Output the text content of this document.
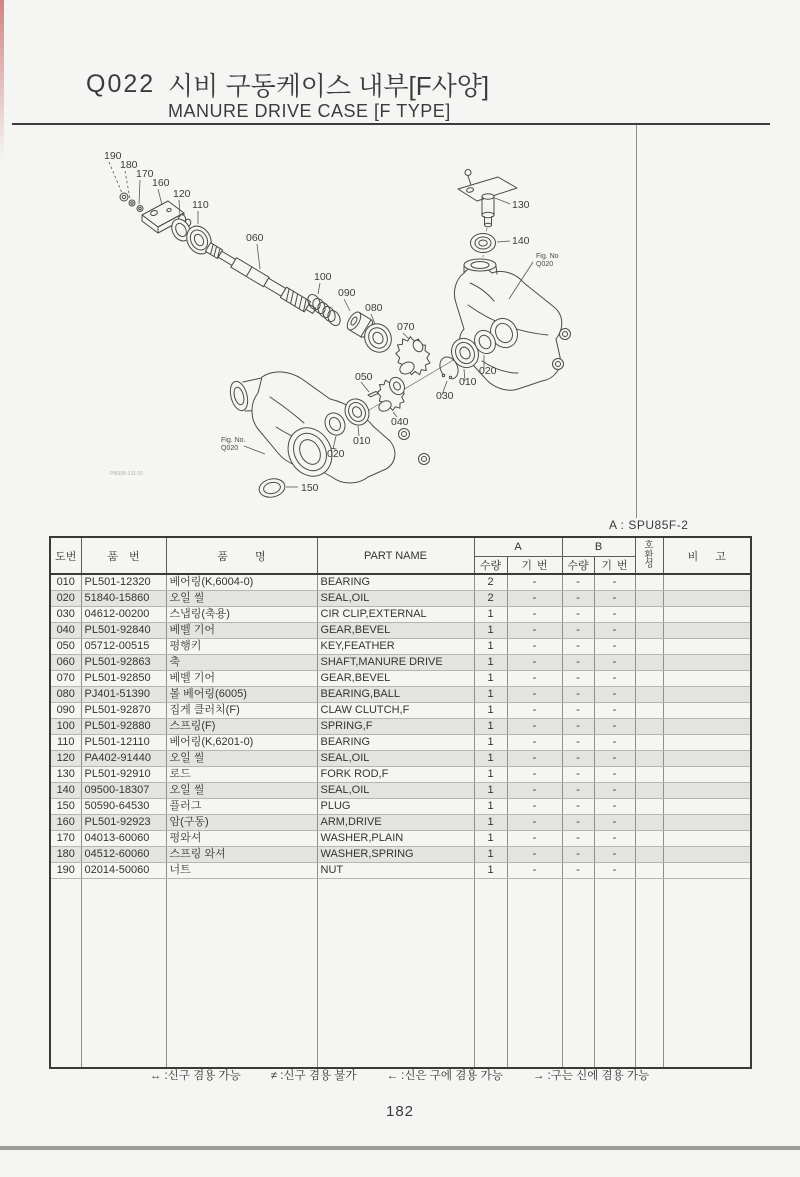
Q022 시비 구동케이스 내부[F사양]
MANURE DRIVE CASE [F TYPE]
190
180
170
160
120
110
060
100
090
080
070
130
140
020
010
030
050
040
010
020
150
Fig. No
Q020
Fig. No.
Q020
PM308-131-10
A : SPU85F-2
도번	품 번	품 명	PART NAME	A		B		호환성	비 고
				수량	기 번	수량	기 번		
010	PL501-12320	베어링(K,6004-0)	BEARING	2	-	-	-		
020	51840-15860	오일 씰	SEAL,OIL	2	-	-	-		
030	04612-00200	스냅링(축용)	CIR CLIP,EXTERNAL	1	-	-	-		
040	PL501-92840	베벨 기어	GEAR,BEVEL	1	-	-	-		
050	05712-00515	평행키	KEY,FEATHER	1	-	-	-		
060	PL501-92863	축	SHAFT,MANURE DRIVE	1	-	-	-		
070	PL501-92850	베벨 기어	GEAR,BEVEL	1	-	-	-		
080	PJ401-51390	볼 베어링(6005)	BEARING,BALL	1	-	-	-		
090	PL501-92870	집게 클러치(F)	CLAW CLUTCH,F	1	-	-	-		
100	PL501-92880	스프링(F)	SPRING,F	1	-	-	-		
110	PL501-12110	베어링(K,6201-0)	BEARING	1	-	-	-		
120	PA402-91440	오일 씰	SEAL,OIL	1	-	-	-		
130	PL501-92910	로드	FORK ROD,F	1	-	-	-		
140	09500-18307	오일 씰	SEAL,OIL	1	-	-	-		
150	50590-64530	플러그	PLUG	1	-	-	-		
160	PL501-92923	암(구동)	ARM,DRIVE	1	-	-	-		
170	04013-60060	평와셔	WASHER,PLAIN	1	-	-	-		
180	04512-60060	스프링 와셔	WASHER,SPRING	1	-	-	-		
190	02014-50060	너트	NUT	1	-	-	-		

↔ :신구 겸용 가능	≠ :신구 겸용 불가	← :신은 구에 겸용 가능	→ :구는 신에 겸용 가능
182
